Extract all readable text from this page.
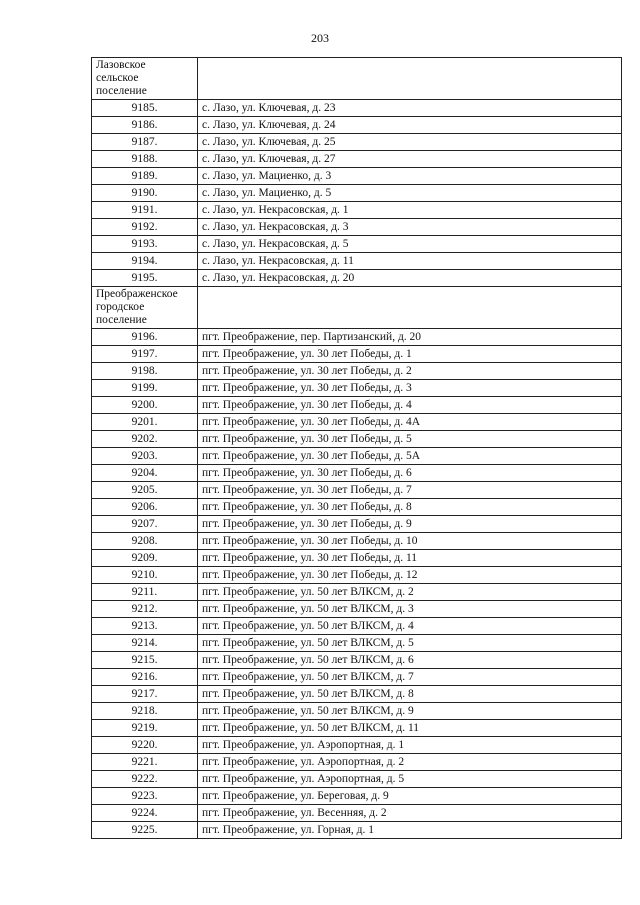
203
Лазовское
сельское
поселение	

9185.	с. Лазо, ул. Ключевая, д. 23
9186.	с. Лазо, ул. Ключевая, д. 24
9187.	с. Лазо, ул. Ключевая, д. 25
9188.	с. Лазо, ул. Ключевая, д. 27
9189.	с. Лазо, ул. Мациенко, д. 3
9190.	с. Лазо, ул. Мациенко, д. 5
9191.	с. Лазо, ул. Некрасовская, д. 1
9192.	с. Лазо, ул. Некрасовская, д. 3
9193.	с. Лазо, ул. Некрасовская, д. 5
9194.	с. Лазо, ул. Некрасовская, д. 11
9195.	с. Лазо, ул. Некрасовская, д. 20

Преображенское
городское
поселение	

9196.	пгт. Преображение, пер. Партизанский, д. 20
9197.	пгт. Преображение, ул. 30 лет Победы, д. 1
9198.	пгт. Преображение, ул. 30 лет Победы, д. 2
9199.	пгт. Преображение, ул. 30 лет Победы, д. 3
9200.	пгт. Преображение, ул. 30 лет Победы, д. 4
9201.	пгт. Преображение, ул. 30 лет Победы, д. 4А
9202.	пгт. Преображение, ул. 30 лет Победы, д. 5
9203.	пгт. Преображение, ул. 30 лет Победы, д. 5А
9204.	пгт. Преображение, ул. 30 лет Победы, д. 6
9205.	пгт. Преображение, ул. 30 лет Победы, д. 7
9206.	пгт. Преображение, ул. 30 лет Победы, д. 8
9207.	пгт. Преображение, ул. 30 лет Победы, д. 9
9208.	пгт. Преображение, ул. 30 лет Победы, д. 10
9209.	пгт. Преображение, ул. 30 лет Победы, д. 11
9210.	пгт. Преображение, ул. 30 лет Победы, д. 12
9211.	пгт. Преображение, ул. 50 лет ВЛКСМ, д. 2
9212.	пгт. Преображение, ул. 50 лет ВЛКСМ, д. 3
9213.	пгт. Преображение, ул. 50 лет ВЛКСМ, д. 4
9214.	пгт. Преображение, ул. 50 лет ВЛКСМ, д. 5
9215.	пгт. Преображение, ул. 50 лет ВЛКСМ, д. 6
9216.	пгт. Преображение, ул. 50 лет ВЛКСМ, д. 7
9217.	пгт. Преображение, ул. 50 лет ВЛКСМ, д. 8
9218.	пгт. Преображение, ул. 50 лет ВЛКСМ, д. 9
9219.	пгт. Преображение, ул. 50 лет ВЛКСМ, д. 11
9220.	пгт. Преображение, ул. Аэропортная, д. 1
9221.	пгт. Преображение, ул. Аэропортная, д. 2
9222.	пгт. Преображение, ул. Аэропортная, д. 5
9223.	пгт. Преображение, ул. Береговая, д. 9
9224.	пгт. Преображение, ул. Весенняя, д. 2
9225.	пгт. Преображение, ул. Горная, д. 1
